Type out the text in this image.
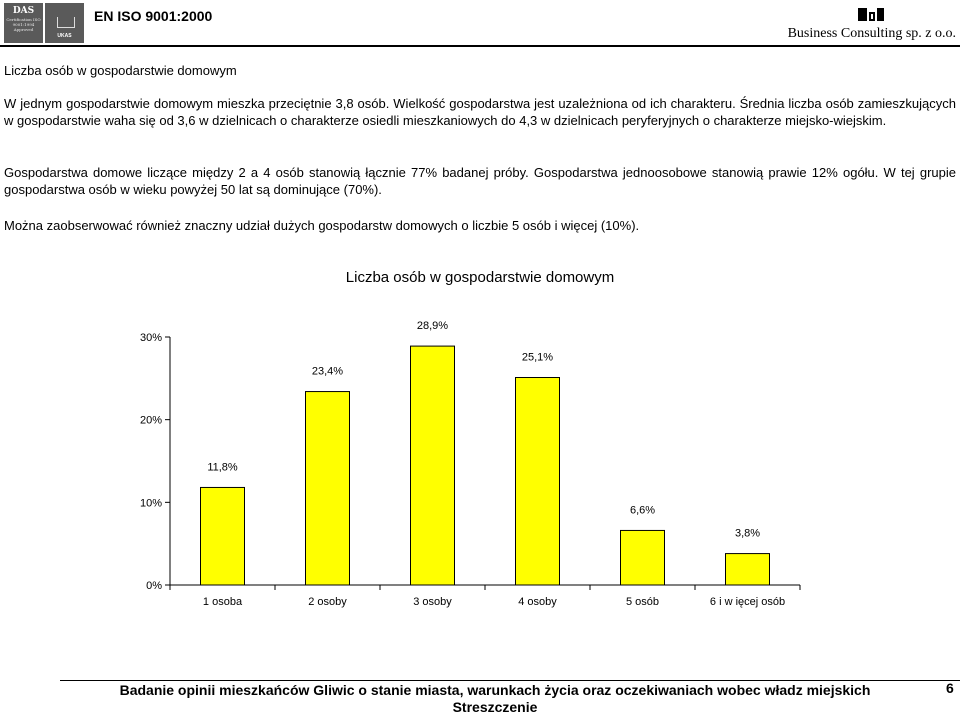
DAS
Certification ISO 9001:1994 Approved
UKAS
EN ISO 9001:2000
Business Consulting sp. z o.o.
Liczba osób w gospodarstwie domowym
W jednym gospodarstwie domowym mieszka przeciętnie 3,8 osób. Wielkość gospodarstwa jest uzależniona od ich charakteru. Średnia liczba osób zamieszkujących w gospodarstwie waha się od 3,6 w dzielnicach o charakterze osiedli mieszkaniowych do 4,3 w dzielnicach peryferyjnych o charakterze miejsko-wiejskim.
Gospodarstwa domowe liczące między 2 a 4 osób stanowią łącznie 77% badanej próby. Gospodarstwa jednoosobowe stanowią prawie 12% ogółu. W tej grupie gospodarstwa osób w wieku powyżej 50 lat są dominujące (70%).
Można zaobserwować również znaczny udział dużych gospodarstw domowych o liczbie 5 osób i więcej (10%).
Liczba osób w gospodarstwie domowym
0%
10%
20%
30%
11,8%
1 osoba
23,4%
2 osoby
28,9%
3 osoby
25,1%
4 osoby
6,6%
5 osób
3,8%
6 i w ięcej osób
Badanie opinii mieszkańców Gliwic o stanie miasta, warunkach życia oraz oczekiwaniach wobec władz miejskich
Streszczenie
6
